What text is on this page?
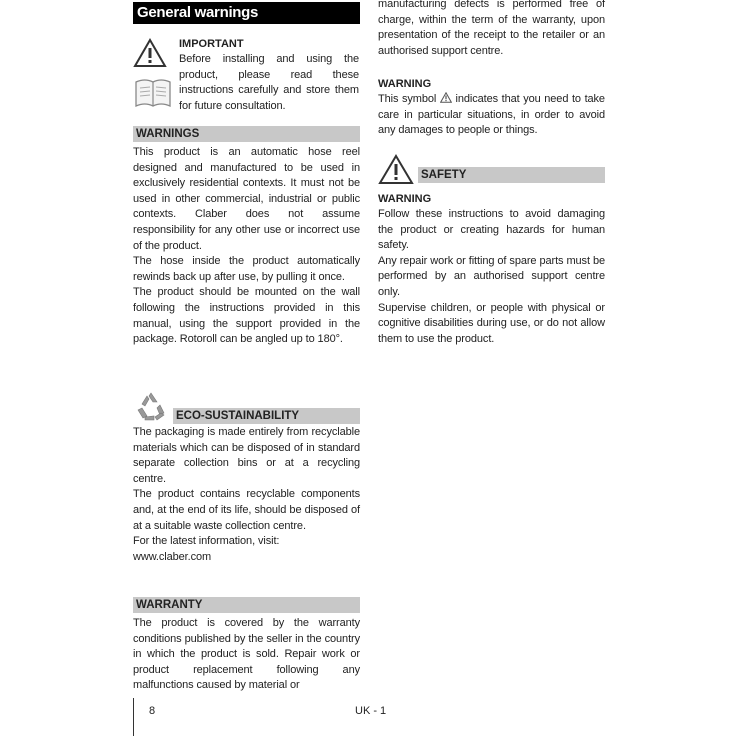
General warnings
IMPORTANT

Before installing and using the product, please read these instructions carefully and store them for future consultation.

WARNINGS

This product is an automatic hose reel designed and manufactured to be used in exclusively residential contexts. It must not be used in other commercial, industrial or public contexts. Claber does not assume responsibility for any other use or incorrect use of the product.

The hose inside the product automatically rewinds back up after use, by pulling it once.

The product should be mounted on the wall following the instructions provided in this manual, using the support provided in the package. Rotoroll can be angled up to 180°.

ECO-SUSTAINABILITY

The packaging is made entirely from recyclable materials which can be disposed of in standard separate collection bins or at a recycling centre.

The product contains recyclable components and, at the end of its life, should be disposed of at a suitable waste collection centre.

For the latest information, visit:

www.claber.com

WARRANTY

The product is covered by the warranty conditions published by the seller in the country in which the product is sold. Repair work or product replacement following any malfunctions caused by material or

manufacturing defects is performed free of charge, within the term of the warranty, upon presentation of the receipt to the retailer or an authorised support centre.

WARNING

This symbol indicates that you need to take care in particular situations, in order to avoid any damages to people or things.

SAFETY
WARNING

Follow these instructions to avoid damaging the product or creating hazards for human safety.

Any repair work or fitting of spare parts must be performed by an authorised support centre only.

Supervise children, or people with physical or cognitive disabilities during use, or do not allow them to use the product.

8	UK - 1
